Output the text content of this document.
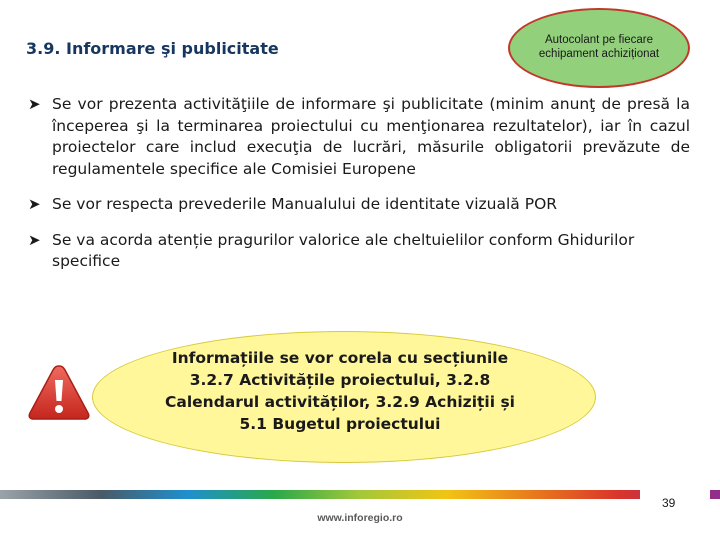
3.9. Informare şi publicitate	Autocolant pe fiecare echipament achiziționat
➤ Se vor prezenta activităţiile de informare şi publicitate (minim anunţ de presă la începerea şi la terminarea proiectului cu menţionarea rezultatelor), iar în cazul proiectelor care includ execuţia de lucrări, măsurile obligatorii prevăzute de regulamentele specifice ale Comisiei Europene
➤ Se vor respecta prevederile Manualului de identitate vizuală POR
➤ Se va acorda atenție pragurilor valorice ale cheltuielilor conform Ghidurilor specifice
Informațiile se vor corela cu secțiunile 3.2.7 Activitățile proiectului, 3.2.8 Calendarul activităților, 3.2.9 Achiziții și 5.1 Bugetul proiectului
39
www.inforegio.ro
